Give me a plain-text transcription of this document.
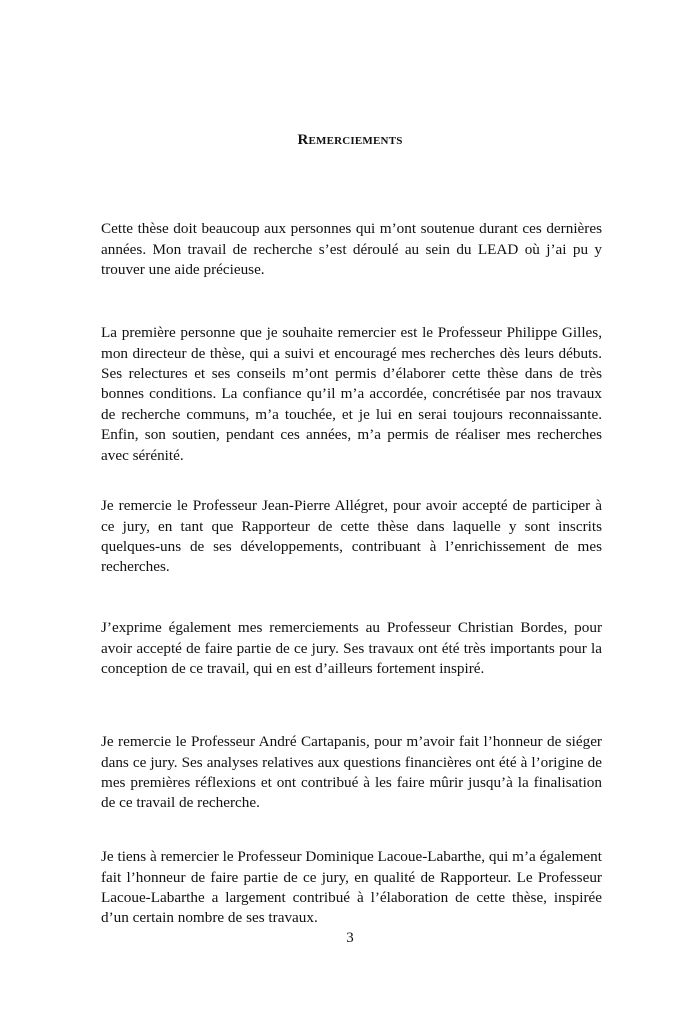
Remerciements

Cette thèse doit beaucoup aux personnes qui m’ont soutenue durant ces dernières années. Mon travail de recherche s’est déroulé au sein du LEAD où j’ai pu y trouver une aide précieuse.

La première personne que je souhaite remercier est le Professeur Philippe Gilles, mon directeur de thèse, qui a suivi et encouragé mes recherches dès leurs débuts. Ses relectures et ses conseils m’ont permis d’élaborer cette thèse dans de très bonnes conditions. La confiance qu’il m’a accordée, concrétisée par nos travaux de recherche communs, m’a touchée, et je lui en serai toujours reconnaissante. Enfin, son soutien, pendant ces années, m’a permis de réaliser mes recherches avec sérénité.

Je remercie le Professeur Jean-Pierre Allégret, pour avoir accepté de participer à ce jury, en tant que Rapporteur de cette thèse dans laquelle y sont inscrits quelques-uns de ses développements, contribuant à l’enrichissement de mes recherches.

J’exprime également mes remerciements au Professeur Christian Bordes, pour avoir accepté de faire partie de ce jury. Ses travaux ont été très importants pour la conception de ce travail, qui en est d’ailleurs fortement inspiré.

Je remercie le Professeur André Cartapanis, pour m’avoir fait l’honneur de siéger dans ce jury. Ses analyses relatives aux questions financières ont été à l’origine de mes premières réflexions et ont contribué à les faire mûrir jusqu’à la finalisation de ce travail de recherche.

Je tiens à remercier le Professeur Dominique Lacoue-Labarthe, qui m’a également fait l’honneur de faire partie de ce jury, en qualité de Rapporteur. Le Professeur Lacoue-Labarthe a largement contribué à l’élaboration de cette thèse, inspirée d’un certain nombre de ses travaux.

3
